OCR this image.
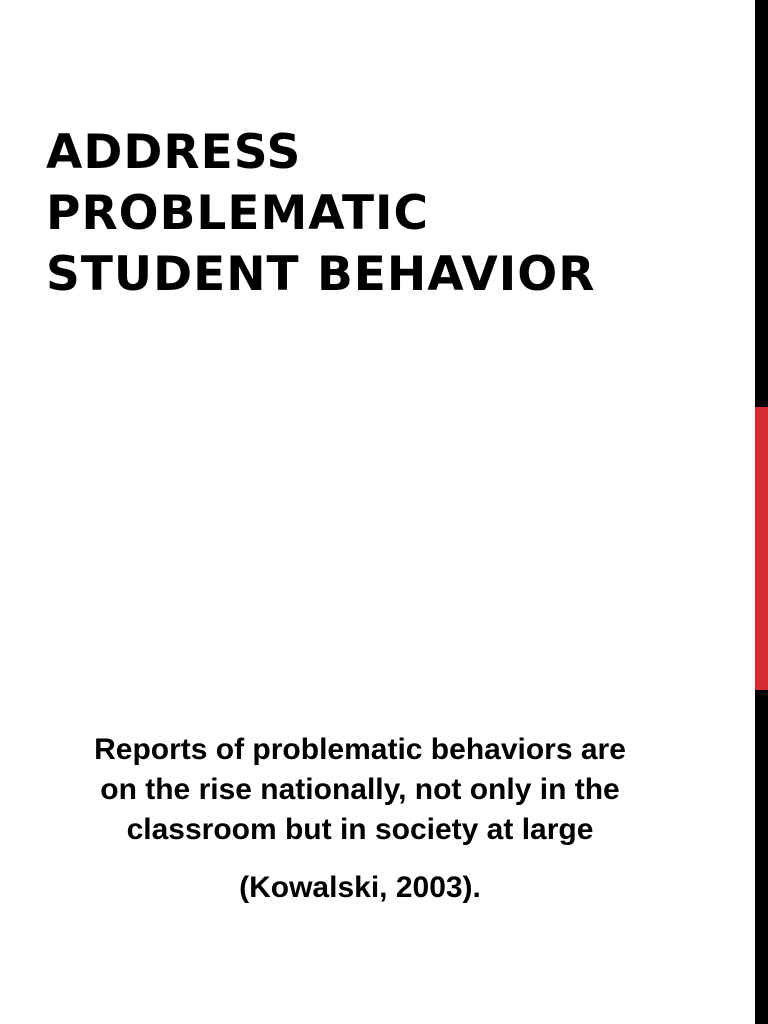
ADDRESS
PROBLEMATIC
STUDENT BEHAVIOR

Reports of problematic behaviors are
on the rise nationally, not only in the
classroom but in society at large

(Kowalski, 2003).
